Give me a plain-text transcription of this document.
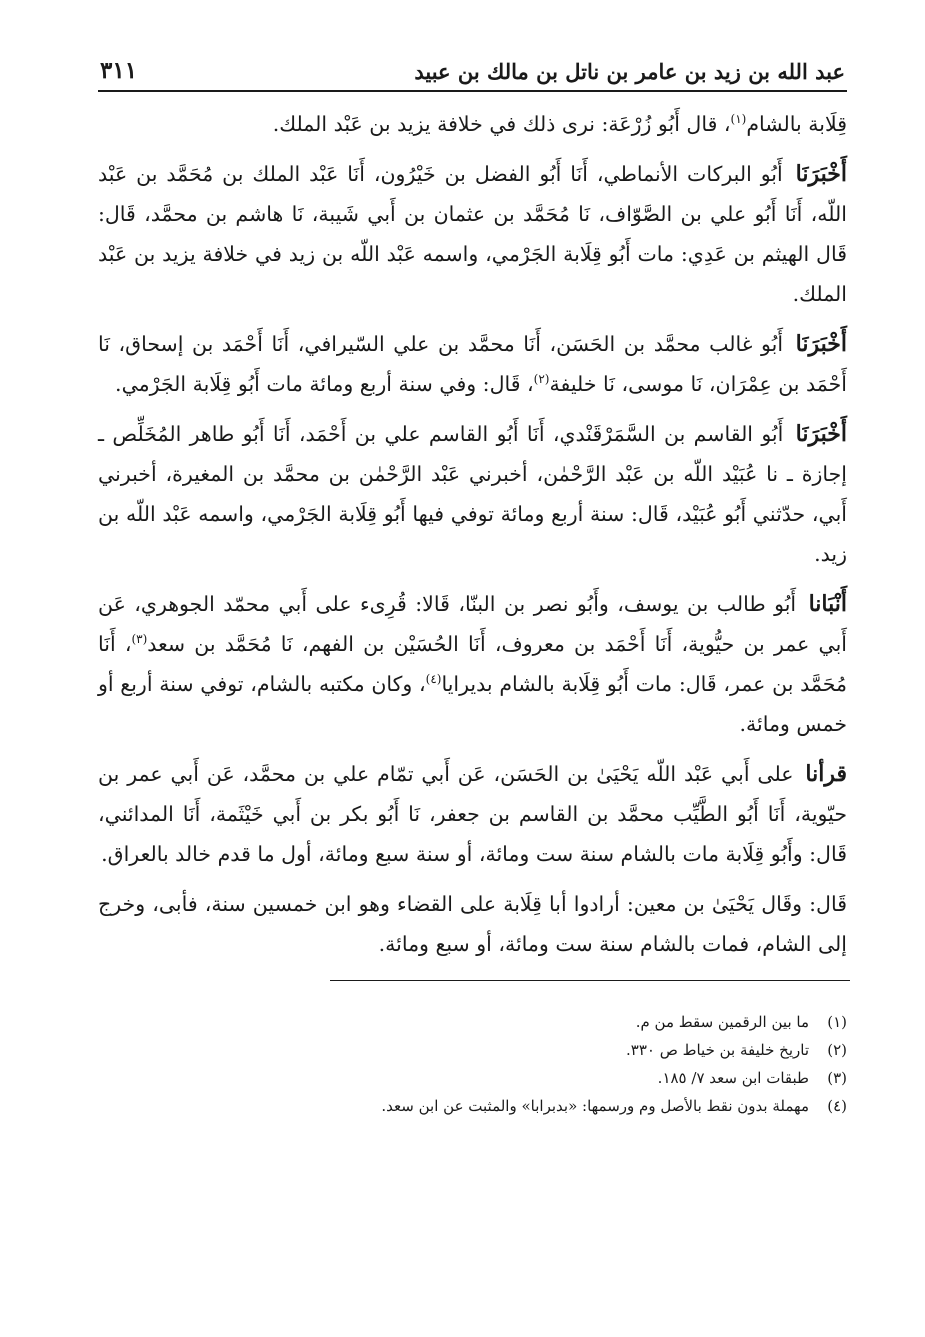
عبد الله بن زيد بن عامر بن ناتل بن مالك بن عبيد
٣١١

قِلَابة بالشام$^{(١)}$، قال أَبُو زُرْعَة: نرى ذلك في خلافة يزيد بن عَبْد الملك.

أَخْبَرَنَا أَبُو البركات الأنماطي، أَنَا أَبُو الفضل بن خَيْرُون، أَنَا عَبْد الملك بن مُحَمَّد بن عَبْد اللّه، أَنَا أَبُو علي بن الصَّوّاف، نَا مُحَمَّد بن عثمان بن أَبي شَيبة، نَا هاشم بن محمَّد، قَال: قَال الهيثم بن عَدِي: مات أَبُو قِلَابة الجَرْمي، واسمه عَبْد اللّه بن زيد في خلافة يزيد بن عَبْد الملك.

أَخْبَرَنَا أَبُو غالب محمَّد بن الحَسَن، أَنَا محمَّد بن علي السّيرافي، أَنَا أَحْمَد بن إسحاق، نَا أَحْمَد بن عِمْرَان، نَا موسى، نَا خليفة$^{(٢)}$، قَال: وفي سنة أربع ومائة مات أَبُو قِلَابة الجَرْمي.

أَخْبَرَنَا أَبُو القاسم بن السَّمَرْقَنْدي، أَنَا أَبُو القاسم علي بن أَحْمَد، أَنَا أَبُو طاهر المُخَلِّص ـ إجازة ـ نا عُبَيْد اللّه بن عَبْد الرَّحْمٰن، أخبرني عَبْد الرَّحْمٰن بن محمَّد بن المغيرة، أخبرني أَبي، حدّثني أَبُو عُبَيْد، قَال: سنة أربع ومائة توفي فيها أَبُو قِلَابة الجَرْمي، واسمه عَبْد اللّه بن زيد.

أَنْبَانا أَبُو طالب بن يوسف، وأَبُو نصر بن البنّا، قَالا: قُرِىء على أَبي محمّد الجوهري، عَن أَبي عمر بن حيُّوية، أَنَا أَحْمَد بن معروف، أَنَا الحُسَيْن بن الفهم، نَا مُحَمَّد بن سعد$^{(٣)}$، أَنَا مُحَمَّد بن عمر، قَال: مات أَبُو قِلَابة بالشام بديرايا$^{(٤)}$، وكان مكتبه بالشام، توفي سنة أربع أو خمس ومائة.

قرأنا على أَبي عَبْد اللّه يَحْيَىٰ بن الحَسَن، عَن أَبي تمّام علي بن محمَّد، عَن أَبي عمر بن حيّوية، أَنَا أَبُو الطَّيِّب محمَّد بن القاسم بن جعفر، نَا أَبُو بكر بن أَبي خَيْثَمة، أَنَا المدائني، قَال: وأَبُو قِلَابة مات بالشام سنة ست ومائة، أو سنة سبع ومائة، أول ما قدم خالد بالعراق.

قَال: وقَال يَحْيَىٰ بن معين: أرادوا أبا قِلَابة على القضاء وهو ابن خمسين سنة، فأبى، وخرج إلى الشام، فمات بالشام سنة ست ومائة، أو سبع ومائة.

(١)
ما بين الرقمين سقط من م.
(٢)
تاريخ خليفة بن خياط ص ٣٣٠.
(٣)
طبقات ابن سعد ٧/ ١٨٥.
(٤)
مهملة بدون نقط بالأصل وم ورسمها: «بدبرابا» والمثبت عن ابن سعد.
